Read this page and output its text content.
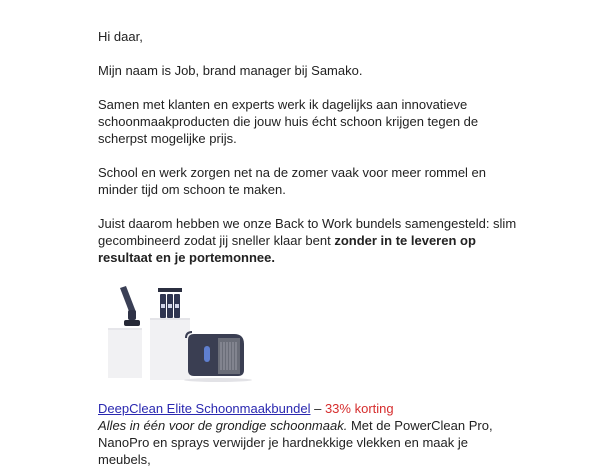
Hi daar,

Mijn naam is Job, brand manager bij Samako.

Samen met klanten en experts werk ik dagelijks aan innovatieve schoonmaakproducten die jouw huis écht schoon krijgen tegen de scherpst mogelijke prijs.

School en werk zorgen net na de zomer vaak voor meer rommel en minder tijd om schoon te maken.

Juist daarom hebben we onze Back to Work bundels samengesteld: slim gecombineerd zodat jij sneller klaar bent zonder in te leveren op resultaat en je portemonnee.

DeepClean Elite Schoonmaakbundel – 33% korting
Alles in één voor de grondige schoonmaak. Met de PowerClean Pro, NanoPro en sprays verwijder je hardnekkige vlekken en maak je meubels,
